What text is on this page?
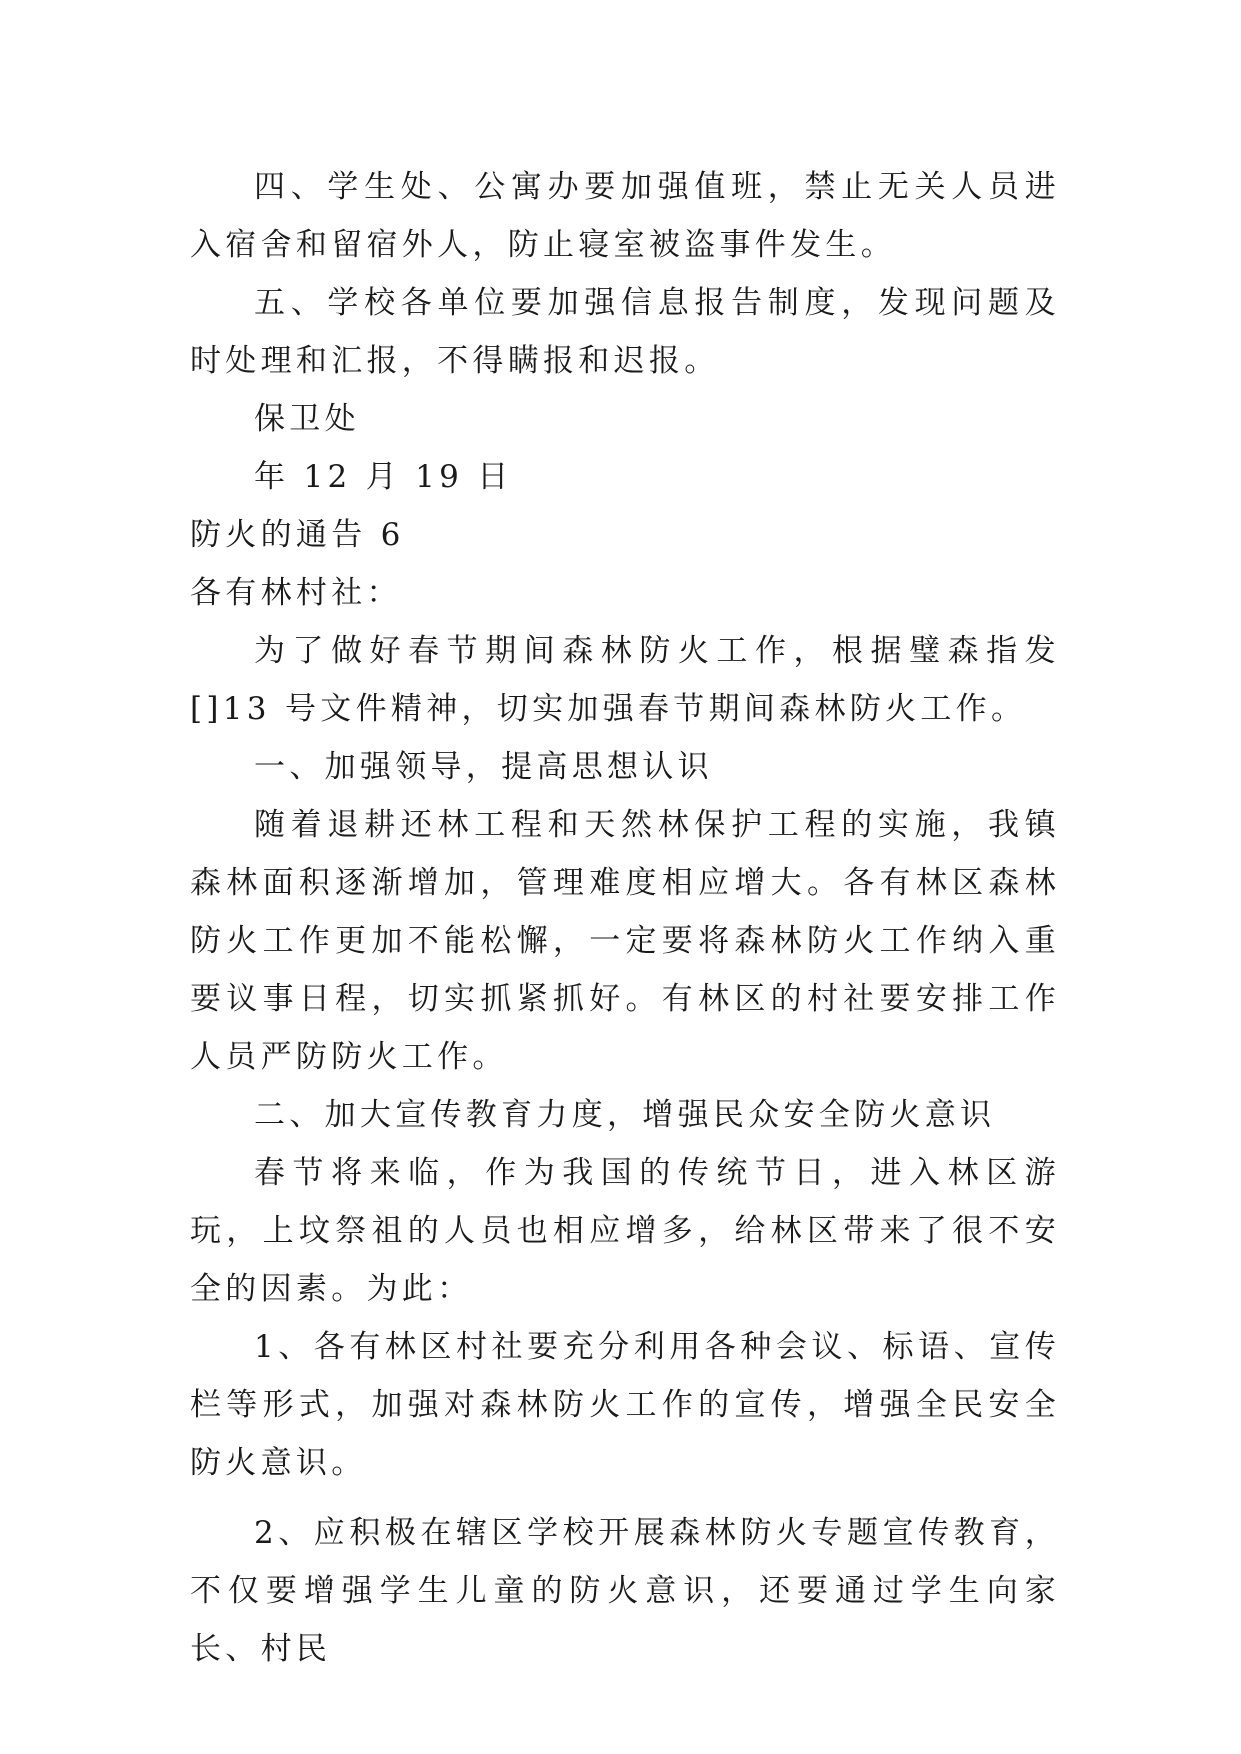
四、学生处、公寓办要加强值班，禁止无关人员进入宿舍和留宿外人，防止寝室被盗事件发生。

五、学校各单位要加强信息报告制度，发现问题及时处理和汇报，不得瞒报和迟报。

保卫处

年 12 月 19 日

防火的通告 6

各有林村社：

为了做好春节期间森林防火工作，根据璧森指发[]13 号文件精神，切实加强春节期间森林防火工作。

一、加强领导，提高思想认识

随着退耕还林工程和天然林保护工程的实施，我镇森林面积逐渐增加，管理难度相应增大。各有林区森林防火工作更加不能松懈，一定要将森林防火工作纳入重要议事日程，切实抓紧抓好。有林区的村社要安排工作人员严防防火工作。

二、加大宣传教育力度，增强民众安全防火意识

春节将来临，作为我国的传统节日，进入林区游玩，上坟祭祖的人员也相应增多，给林区带来了很不安全的因素。为此：

1、各有林区村社要充分利用各种会议、标语、宣传栏等形式，加强对森林防火工作的宣传，增强全民安全防火意识。

2、应积极在辖区学校开展森林防火专题宣传教育，不仅要增强学生儿童的防火意识，还要通过学生向家长、村民
